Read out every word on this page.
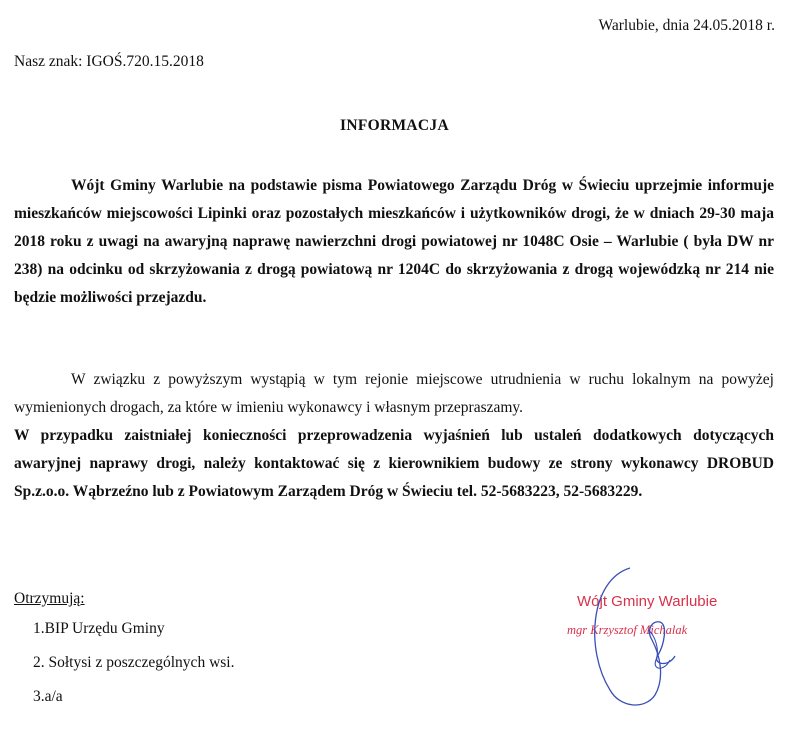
Warlubie, dnia 24.05.2018 r.
Nasz znak: IGOŚ.720.15.2018
INFORMACJA

Wójt Gminy Warlubie na podstawie pisma Powiatowego Zarządu Dróg w Świeciu uprzejmie informuje mieszkańców miejscowości Lipinki oraz pozostałych mieszkańców i użytkowników drogi, że w dniach 29-30 maja 2018 roku z uwagi na awaryjną naprawę nawierzchni drogi powiatowej nr 1048C Osie – Warlubie ( była DW nr 238) na odcinku od skrzyżowania z drogą powiatową nr 1204C do skrzyżowania z drogą wojewódzką nr 214 nie będzie możliwości przejazdu.

W związku z powyższym wystąpią w tym rejonie miejscowe utrudnienia w ruchu lokalnym na powyżej wymienionych drogach, za które w imieniu wykonawcy i własnym przepraszamy.

W przypadku zaistniałej konieczności przeprowadzenia wyjaśnień lub ustaleń dodatkowych dotyczących awaryjnej naprawy drogi, należy kontaktować się z kierownikiem budowy ze strony wykonawcy DROBUD Sp.z.o.o. Wąbrzeźno lub z Powiatowym Zarządem Dróg w Świeciu tel. 52-5683223, 52-5683229.

Otrzymują:
1.BIP Urzędu Gminy
2. Sołtysi z poszczególnych wsi.
3.a/a
Wójt Gminy Warlubie
mgr Krzysztof Michalak
